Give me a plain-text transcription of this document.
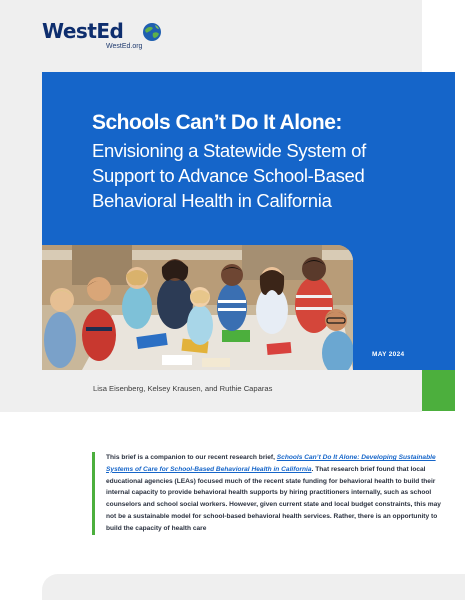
WestEd
WestEd.org
Schools Can’t Do It Alone:
Envisioning a Statewide System of Support to Advance School-Based Behavioral Health in California
MAY 2024
Lisa Eisenberg, Kelsey Krausen, and Ruthie Caparas
This brief is a companion to our recent research brief, Schools Can’t Do It Alone: Developing Sustainable Systems of Care for School-Based Behavioral Health in California. That research brief found that local educational agencies (LEAs) focused much of the recent state funding for behavioral health to build their internal capacity to provide behavioral health supports by hiring practitioners internally, such as school counselors and school social workers. However, given current state and local budget constraints, this may not be a sustainable model for school-based behavioral health services. Rather, there is an opportunity to build the capacity of health care
